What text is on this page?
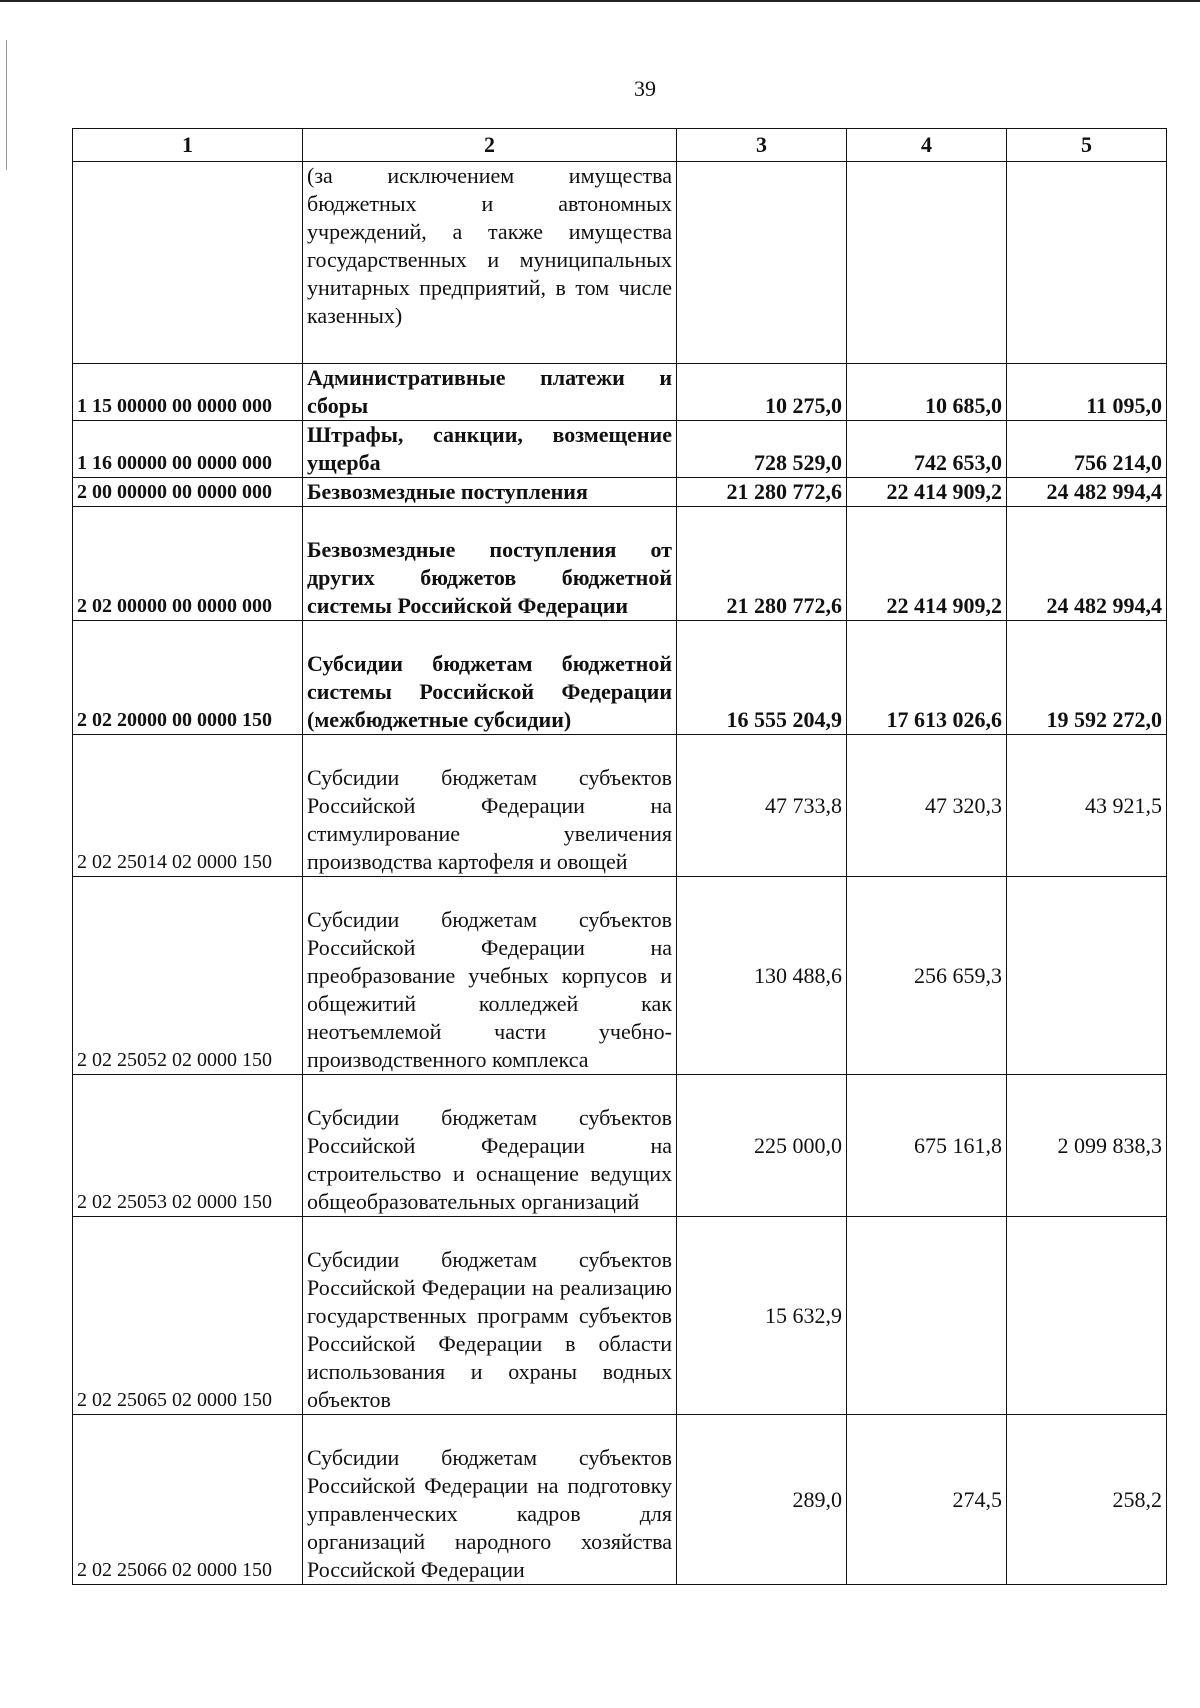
39
1	2	3	4	5
	(за исключением имущества бюджетных и автономных учреждений, а также имущества государственных и муниципальных унитарных предприятий, в том числе казенных)			
1 15 00000 00 0000 000	Административные платежи и сборы	10 275,0	10 685,0	11 095,0
1 16 00000 00 0000 000	Штрафы, санкции, возмещение ущерба	728 529,0	742 653,0	756 214,0
2 00 00000 00 0000 000	Безвозмездные поступления	21 280 772,6	22 414 909,2	24 482 994,4
2 02 00000 00 0000 000	Безвозмездные поступления от других бюджетов бюджетной системы Российской Федерации	21 280 772,6	22 414 909,2	24 482 994,4
2 02 20000 00 0000 150	Субсидии бюджетам бюджетной системы Российской Федерации (межбюджетные субсидии)	16 555 204,9	17 613 026,6	19 592 272,0
2 02 25014 02 0000 150	Субсидии бюджетам субъектов Российской Федерации на стимулирование увеличения производства картофеля и овощей	47 733,8	47 320,3	43 921,5
2 02 25052 02 0000 150	Субсидии бюджетам субъектов Российской Федерации на преобразование учебных корпусов и общежитий колледжей как неотъемлемой части учебно-производственного комплекса	130 488,6	256 659,3	
2 02 25053 02 0000 150	Субсидии бюджетам субъектов Российской Федерации на строительство и оснащение ведущих общеобразовательных организаций	225 000,0	675 161,8	2 099 838,3
2 02 25065 02 0000 150	Субсидии бюджетам субъектов Российской Федерации на реализацию государственных программ субъектов Российской Федерации в области использования и охраны водных объектов	15 632,9		
2 02 25066 02 0000 150	Субсидии бюджетам субъектов Российской Федерации на подготовку управленческих кадров для организаций народного хозяйства Российской Федерации	289,0	274,5	258,2
